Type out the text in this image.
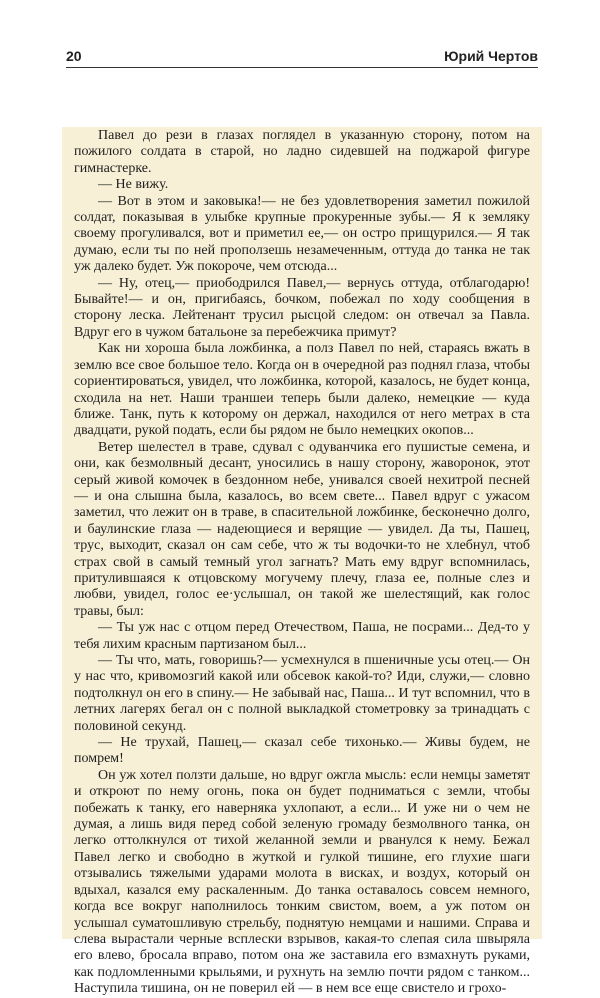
20	Юрий Чертов

Павел до рези в глазах поглядел в указанную сторону, потом на пожилого солдата в старой, но ладно сидевшей на поджарой фигуре гимнастерке.

— Не вижу.

— Вот в этом и заковыка!— не без удовлетворения заметил пожилой солдат, показывая в улыбке крупные прокуренные зубы.— Я к земляку своему прогуливался, вот и приметил ее,— он остро прищурился.— Я так думаю, если ты по ней проползешь незамеченным, оттуда до танка не так уж далеко будет. Уж покороче, чем отсюда...

— Ну, отец,— приободрился Павел,— вернусь оттуда, отблагодарю! Бывайте!— и он, пригибаясь, бочком, побежал по ходу сообщения в сторону леска. Лейтенант трусил рысцой следом: он отвечал за Павла. Вдруг его в чужом батальоне за перебежчика примут?

Как ни хороша была ложбинка, а полз Павел по ней, стараясь вжать в землю все свое большое тело. Когда он в очередной раз поднял глаза, чтобы сориентироваться, увидел, что ложбинка, которой, казалось, не будет конца, сходила на нет. Наши траншеи теперь были далеко, немецкие — куда ближе. Танк, путь к которому он держал, находился от него метрах в ста двадцати, рукой подать, если бы рядом не было немецких окопов...

Ветер шелестел в траве, сдувал с одуванчика его пушистые семена, и они, как безмолвный десант, уносились в нашу сторону, жаворонок, этот серый живой комочек в бездонном небе, унивался своей нехитрой песней — и она слышна была, казалось, во всем свете... Павел вдруг с ужасом заметил, что лежит он в траве, в спасительной ложбинке, бесконечно долго, и баулинские глаза — надеющиеся и верящие — увидел. Да ты, Пашец, трус, выходит, сказал он сам себе, что ж ты водочки-то не хлебнул, чтоб страх свой в самый темный угол загнать? Мать ему вдруг вспомнилась, притулившаяся к отцовскому могучему плечу, глаза ее, полные слез и любви, увидел, голос ее·услышал, он такой же шелестящий, как голос травы, был:

— Ты уж нас с отцом перед Отечеством, Паша, не посрами... Дед-то у тебя лихим красным партизаном был...

— Ты что, мать, говоришь?— усмехнулся в пшеничные усы отец.— Он у нас что, кривомозгий какой или обсевок какой-то? Иди, служи,— словно подтолкнул он его в спину.— Не забывай нас, Паша... И тут вспомнил, что в летних лагерях бегал он с полной выкладкой стометровку за тринадцать с половиной секунд.

— Не трухай, Пашец,— сказал себе тихонько.— Живы будем, не помрем!

Он уж хотел ползти дальше, но вдруг ожгла мысль: если немцы заметят и откроют по нему огонь, пока он будет подниматься с земли, чтобы побежать к танку, его наверняка ухлопают, а если... И уже ни о чем не думая, а лишь видя перед собой зеленую громаду безмолвного танка, он легко оттолкнулся от тихой желанной земли и рванулся к нему. Бежал Павел легко и свободно в жуткой и гулкой тишине, его глухие шаги отзывались тяжелыми ударами молота в висках, и воздух, который он вдыхал, казался ему раскаленным. До танка оставалось совсем немного, когда все вокруг наполнилось тонким свистом, воем, а уж потом он услышал суматошливую стрельбу, поднятую немцами и нашими. Справа и слева вырастали черные всплески взрывов, какая-то слепая сила швыряла его влево, бросала вправо, потом она же заставила его взмахнуть руками, как подломленными крыльями, и рухнуть на землю почти рядом с танком... Наступила тишина, он не поверил ей — в нем все еще свистело и грохо-
